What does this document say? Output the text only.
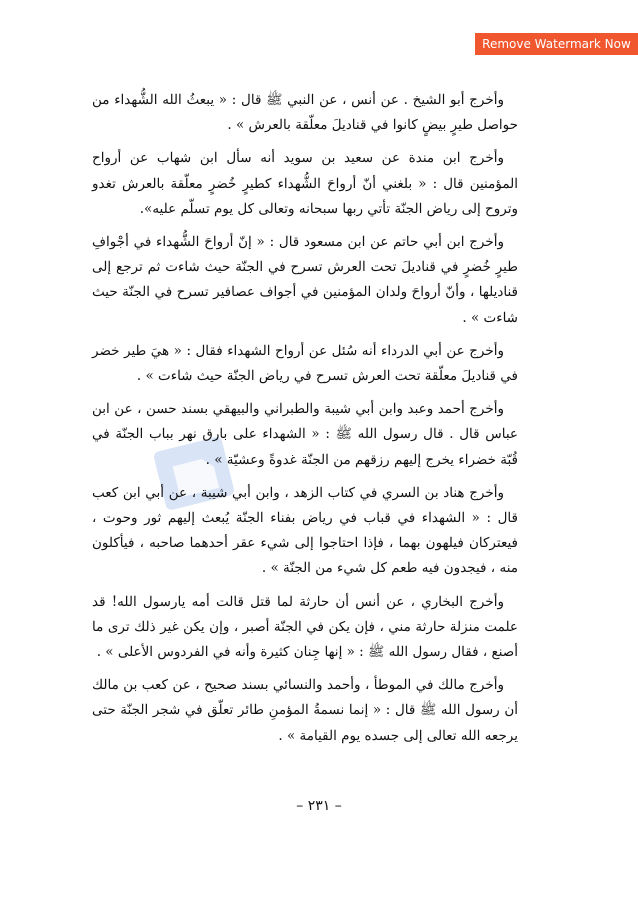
Remove Watermark Now

وأخرج أبو الشيخ . عن أنس ، عن النبي ﷺ قال : « يبعثُ الله الشُّهداء من حواصل طيرٍ بيضٍ كانوا في قناديلَ معلّقة بالعرش » .

وأخرج ابن مندة عن سعيد بن سويد أنه سأل ابن شهاب عن أرواح المؤمنين قال : « بلغني أنّ أرواحَ الشُّهداء كطيرٍ خُضرٍ معلّقة بالعرش تغدو وتروح إلى رياض الجنّة تأتي ربها سبحانه وتعالى كل يوم تسلّم عليه».

وأخرج ابن أبي حاتم عن ابن مسعود قال : « إنّ أرواحَ الشُّهداء في أجْوافِ طيرٍ خُضرٍ في قناديلَ تحت العرش تسرح في الجنّة حيث شاءت ثم ترجع إلى قناديلها ، وأنّ أرواحَ ولدان المؤمنين في أجواف عصافير تسرح في الجنّة حيث شاءت » .

وأخرج عن أبي الدرداء أنه سُئل عن أرواح الشهداء فقال : « هيَ طير خضر في قناديلَ معلّقة تحت العرش تسرح في رياض الجنّة حيث شاءت » .

وأخرج أحمد وعبد وابن أبي شيبة والطبراني والبيهقي بسند حسن ، عن ابن عباس قال . قال رسول الله ﷺ : « الشهداء على بارق نهر بباب الجنّة في قُبّة خضراء يخرج إليهم رزقهم من الجنّة غدوةً وعشيّة » .

وأخرج هناد بن السري في كتاب الزهد ، وابن أبي شيبة ، عن أبي ابن كعب قال : « الشهداء في قباب في رياض بفناء الجنّة يُبعث إليهم ثور وحوت ، فيعتركان فيلهون بهما ، فإذا احتاجوا إلى شيء عقر أحدهما صاحبه ، فيأكلون منه ، فيجدون فيه طعم كل شيء من الجنّة » .

وأخرج البخاري ، عن أنس أن حارثة لما قتل قالت أمه يارسول الله! قد علمت منزلة حارثة مني ، فإن يكن في الجنّة أصبر ، وإن يكن غير ذلك ترى ما أصنع ، فقال رسول الله ﷺ : « إنها جِنان كثيرة وأنه في الفردوس الأعلى » .

وأخرج مالك في الموطأ ، وأحمد والنسائي بسند صحيح ، عن كعب بن مالك أن رسول الله ﷺ قال : « إنما نسمةُ المؤمنِ طائر تعلّق في شجر الجنّة حتى يرجعه الله تعالى إلى جسده يوم القيامة » .

– ٢٣١ –
